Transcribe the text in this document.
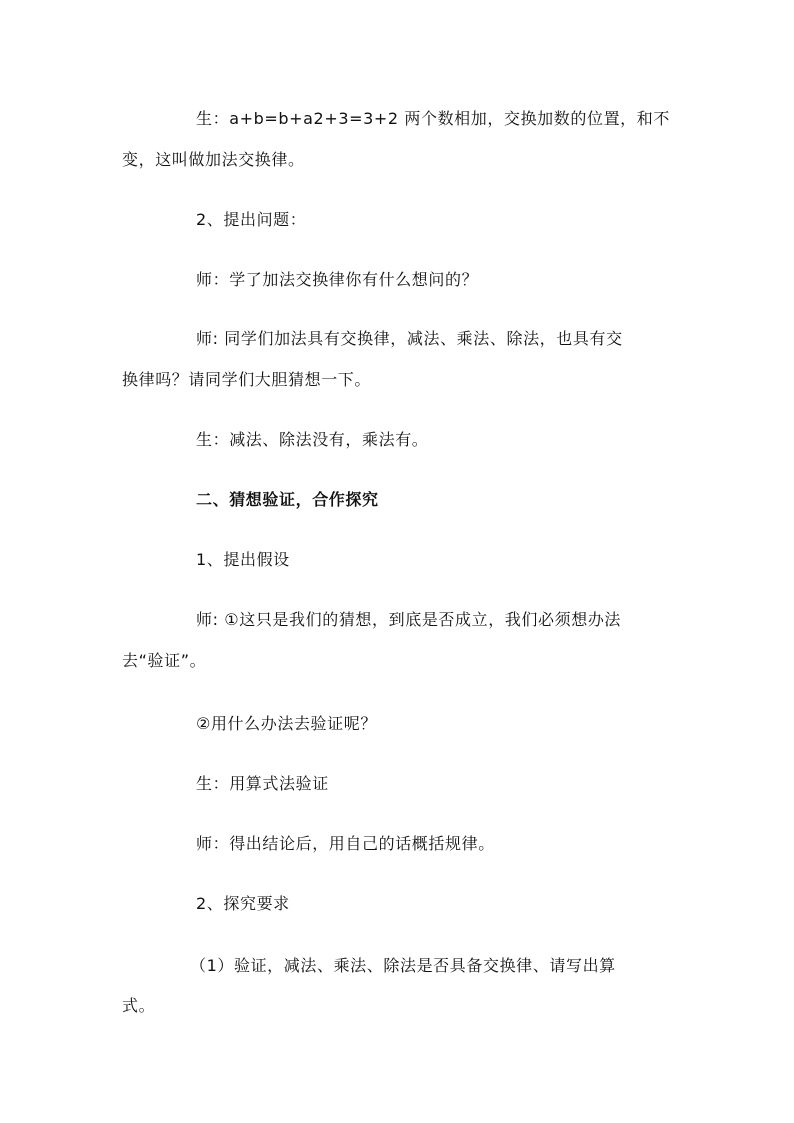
生：a+b=b+a2+3=3+2 两个数相加，交换加数的位置，和不
变，这叫做加法交换律。
2、提出问题：
师：学了加法交换律你有什么想问的？
师: 同学们加法具有交换律，减法、乘法、除法，也具有交
换律吗？请同学们大胆猜想一下。
生：减法、除法没有，乘法有。
二、猜想验证，合作探究
1、提出假设
师: ①这只是我们的猜想，到底是否成立，我们必须想办法
去“验证”。
②用什么办法去验证呢？
生：用算式法验证
师：得出结论后，用自己的话概括规律。
2、探究要求
（1）验证，减法、乘法、除法是否具备交换律、请写出算
式。
